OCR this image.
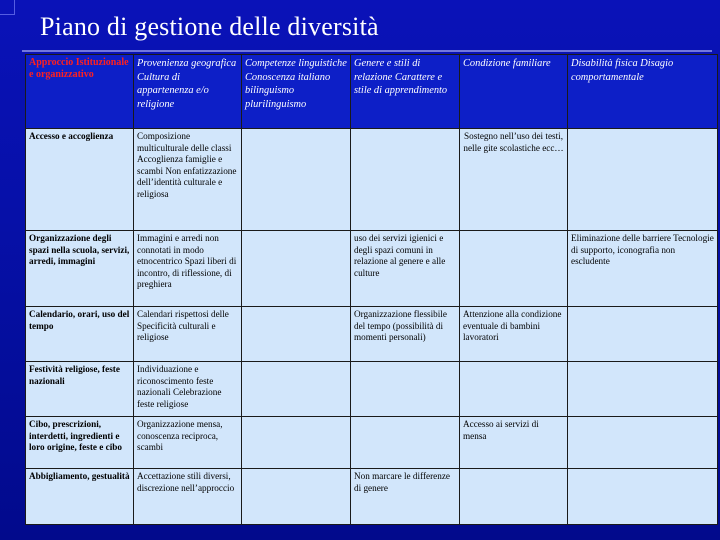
Piano di gestione delle diversità
Approccio Istituzionale e organizzativo	Provenienza geografica Cultura di appartenenza e/o religione	Competenze linguistiche Conoscenza italiano bilinguismo plurilinguismo	Genere e stili di relazione Carattere e stile di apprendimento	Condizione familiare	Disabilità fisica Disagio comportamentale
Accesso e accoglienza	Composizione multiculturale delle classi Accoglienza famiglie e scambi Non enfatizzazione dell’identità culturale e religiosa			Sostegno nell’uso dei testi, nelle gite scolastiche ecc…	
Organizzazione degli spazi nella scuola, servizi, arredi, immagini	Immagini e arredi non connotati in modo etnocentrico Spazi liberi di incontro, di riflessione, di preghiera		uso dei servizi igienici e degli spazi comuni in relazione al genere e alle culture		Eliminazione delle barriere Tecnologie di supporto, iconografia non escludente
Calendario, orari, uso del tempo	Calendari rispettosi delle Specificità culturali e religiose		Organizzazione flessibile del tempo (possibilità di momenti personali)	Attenzione alla condizione eventuale di bambini lavoratori	
Festività religiose, feste nazionali	Individuazione e riconoscimento feste nazionali Celebrazione feste religiose				
Cibo, prescrizioni, interdetti, ingredienti e loro origine, feste e cibo	Organizzazione mensa, conoscenza reciproca, scambi			Accesso ai servizi di mensa	
Abbigliamento, gestualità	Accettazione stili diversi, discrezione nell’approccio		Non marcare le differenze di genere		
